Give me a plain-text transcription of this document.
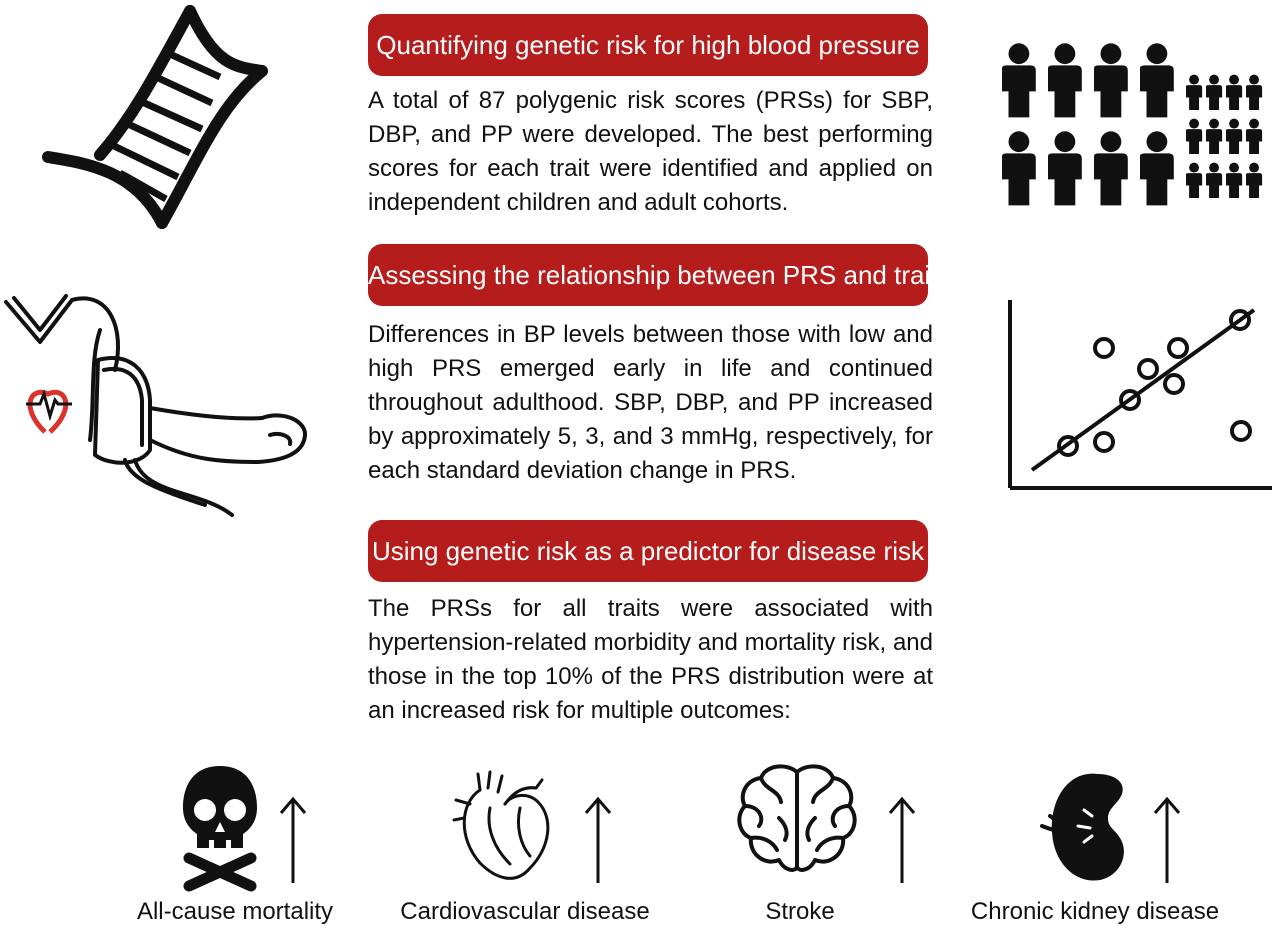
Quantifying genetic risk for high blood pressure

A total of 87 polygenic risk scores (PRSs) for SBP, DBP, and PP were developed. The best performing scores for each trait were identified and applied on independent children and adult cohorts.

Assessing the relationship between PRS and traits

Differences in BP levels between those with low and high PRS emerged early in life and continued throughout adulthood. SBP, DBP, and PP increased by approximately 5, 3, and 3 mmHg, respectively, for each standard deviation change in PRS.

Using genetic risk as a predictor for disease risk

The PRSs for all traits were associated with hypertension-related morbidity and mortality risk, and those in the top 10% of the PRS distribution were at an increased risk for multiple outcomes:

All-cause mortality	Cardiovascular disease	Stroke	Chronic kidney disease
